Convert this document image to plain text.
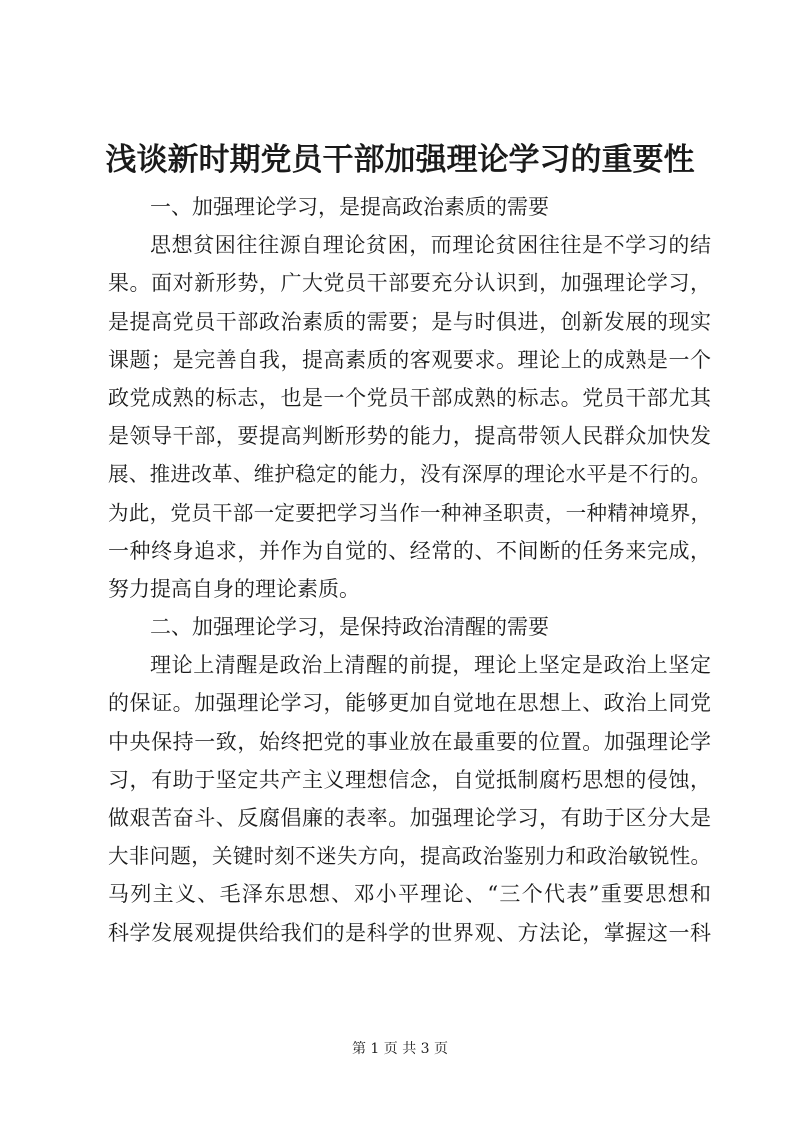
浅谈新时期党员干部加强理论学习的重要性
一、加强理论学习，是提高政治素质的需要
思想贫困往往源自理论贫困，而理论贫困往往是不学习的结
果。面对新形势，广大党员干部要充分认识到，加强理论学习，
是提高党员干部政治素质的需要；是与时俱进，创新发展的现实
课题；是完善自我，提高素质的客观要求。理论上的成熟是一个
政党成熟的标志，也是一个党员干部成熟的标志。党员干部尤其
是领导干部，要提高判断形势的能力，提高带领人民群众加快发
展、推进改革、维护稳定的能力，没有深厚的理论水平是不行的。
为此，党员干部一定要把学习当作一种神圣职责，一种精神境界，
一种终身追求，并作为自觉的、经常的、不间断的任务来完成，
努力提高自身的理论素质。
二、加强理论学习，是保持政治清醒的需要
理论上清醒是政治上清醒的前提，理论上坚定是政治上坚定
的保证。加强理论学习，能够更加自觉地在思想上、政治上同党
中央保持一致，始终把党的事业放在最重要的位置。加强理论学
习，有助于坚定共产主义理想信念，自觉抵制腐朽思想的侵蚀，
做艰苦奋斗、反腐倡廉的表率。加强理论学习，有助于区分大是
大非问题，关键时刻不迷失方向，提高政治鉴别力和政治敏锐性。
马列主义、毛泽东思想、邓小平理论、“三个代表”重要思想和
科学发展观提供给我们的是科学的世界观、方法论，掌握这一科
第 1 页 共 3 页
